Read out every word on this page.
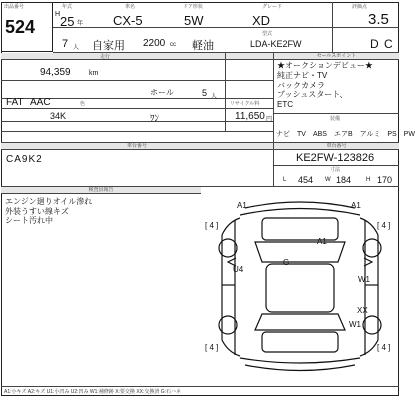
出品番号
524
年式	車名	ドア形状	グレード	評価点
H 25 年 CX-5	5W	XD	3.5
7 人 自家用 2200 cc 軽油
型式
LDA-KE2FW	D C
走行
94,359	km
FAT AAC
ホール	5 人
色	リサイクル料
34K	ﾜﾝ	11,650 円
セールスポイント
★オークションデビュー★
純正ナビ・TV
バックカメラ
プッシュスタート、
ETC
装備
ナビ　TV　ABS　エアB　アルミ　PS　PW
車台番号
CA9K2
車台番号
KE2FW-123826
寸法
454	184	170
L	W	H
検査員報告
エンジン廻りオイル滲れ
外装うすい線キズ
シート汚れ中
A1	A1
A1
U4
G
W1
XX
W1
[ 4 ]	[ 4 ]
[ 4 ]	[ 4 ]
A1:小キズ A2:キズ U1:小凹み U2:凹み W1:補修跡 X:要交換 XX:交換済 G:石ハネ
